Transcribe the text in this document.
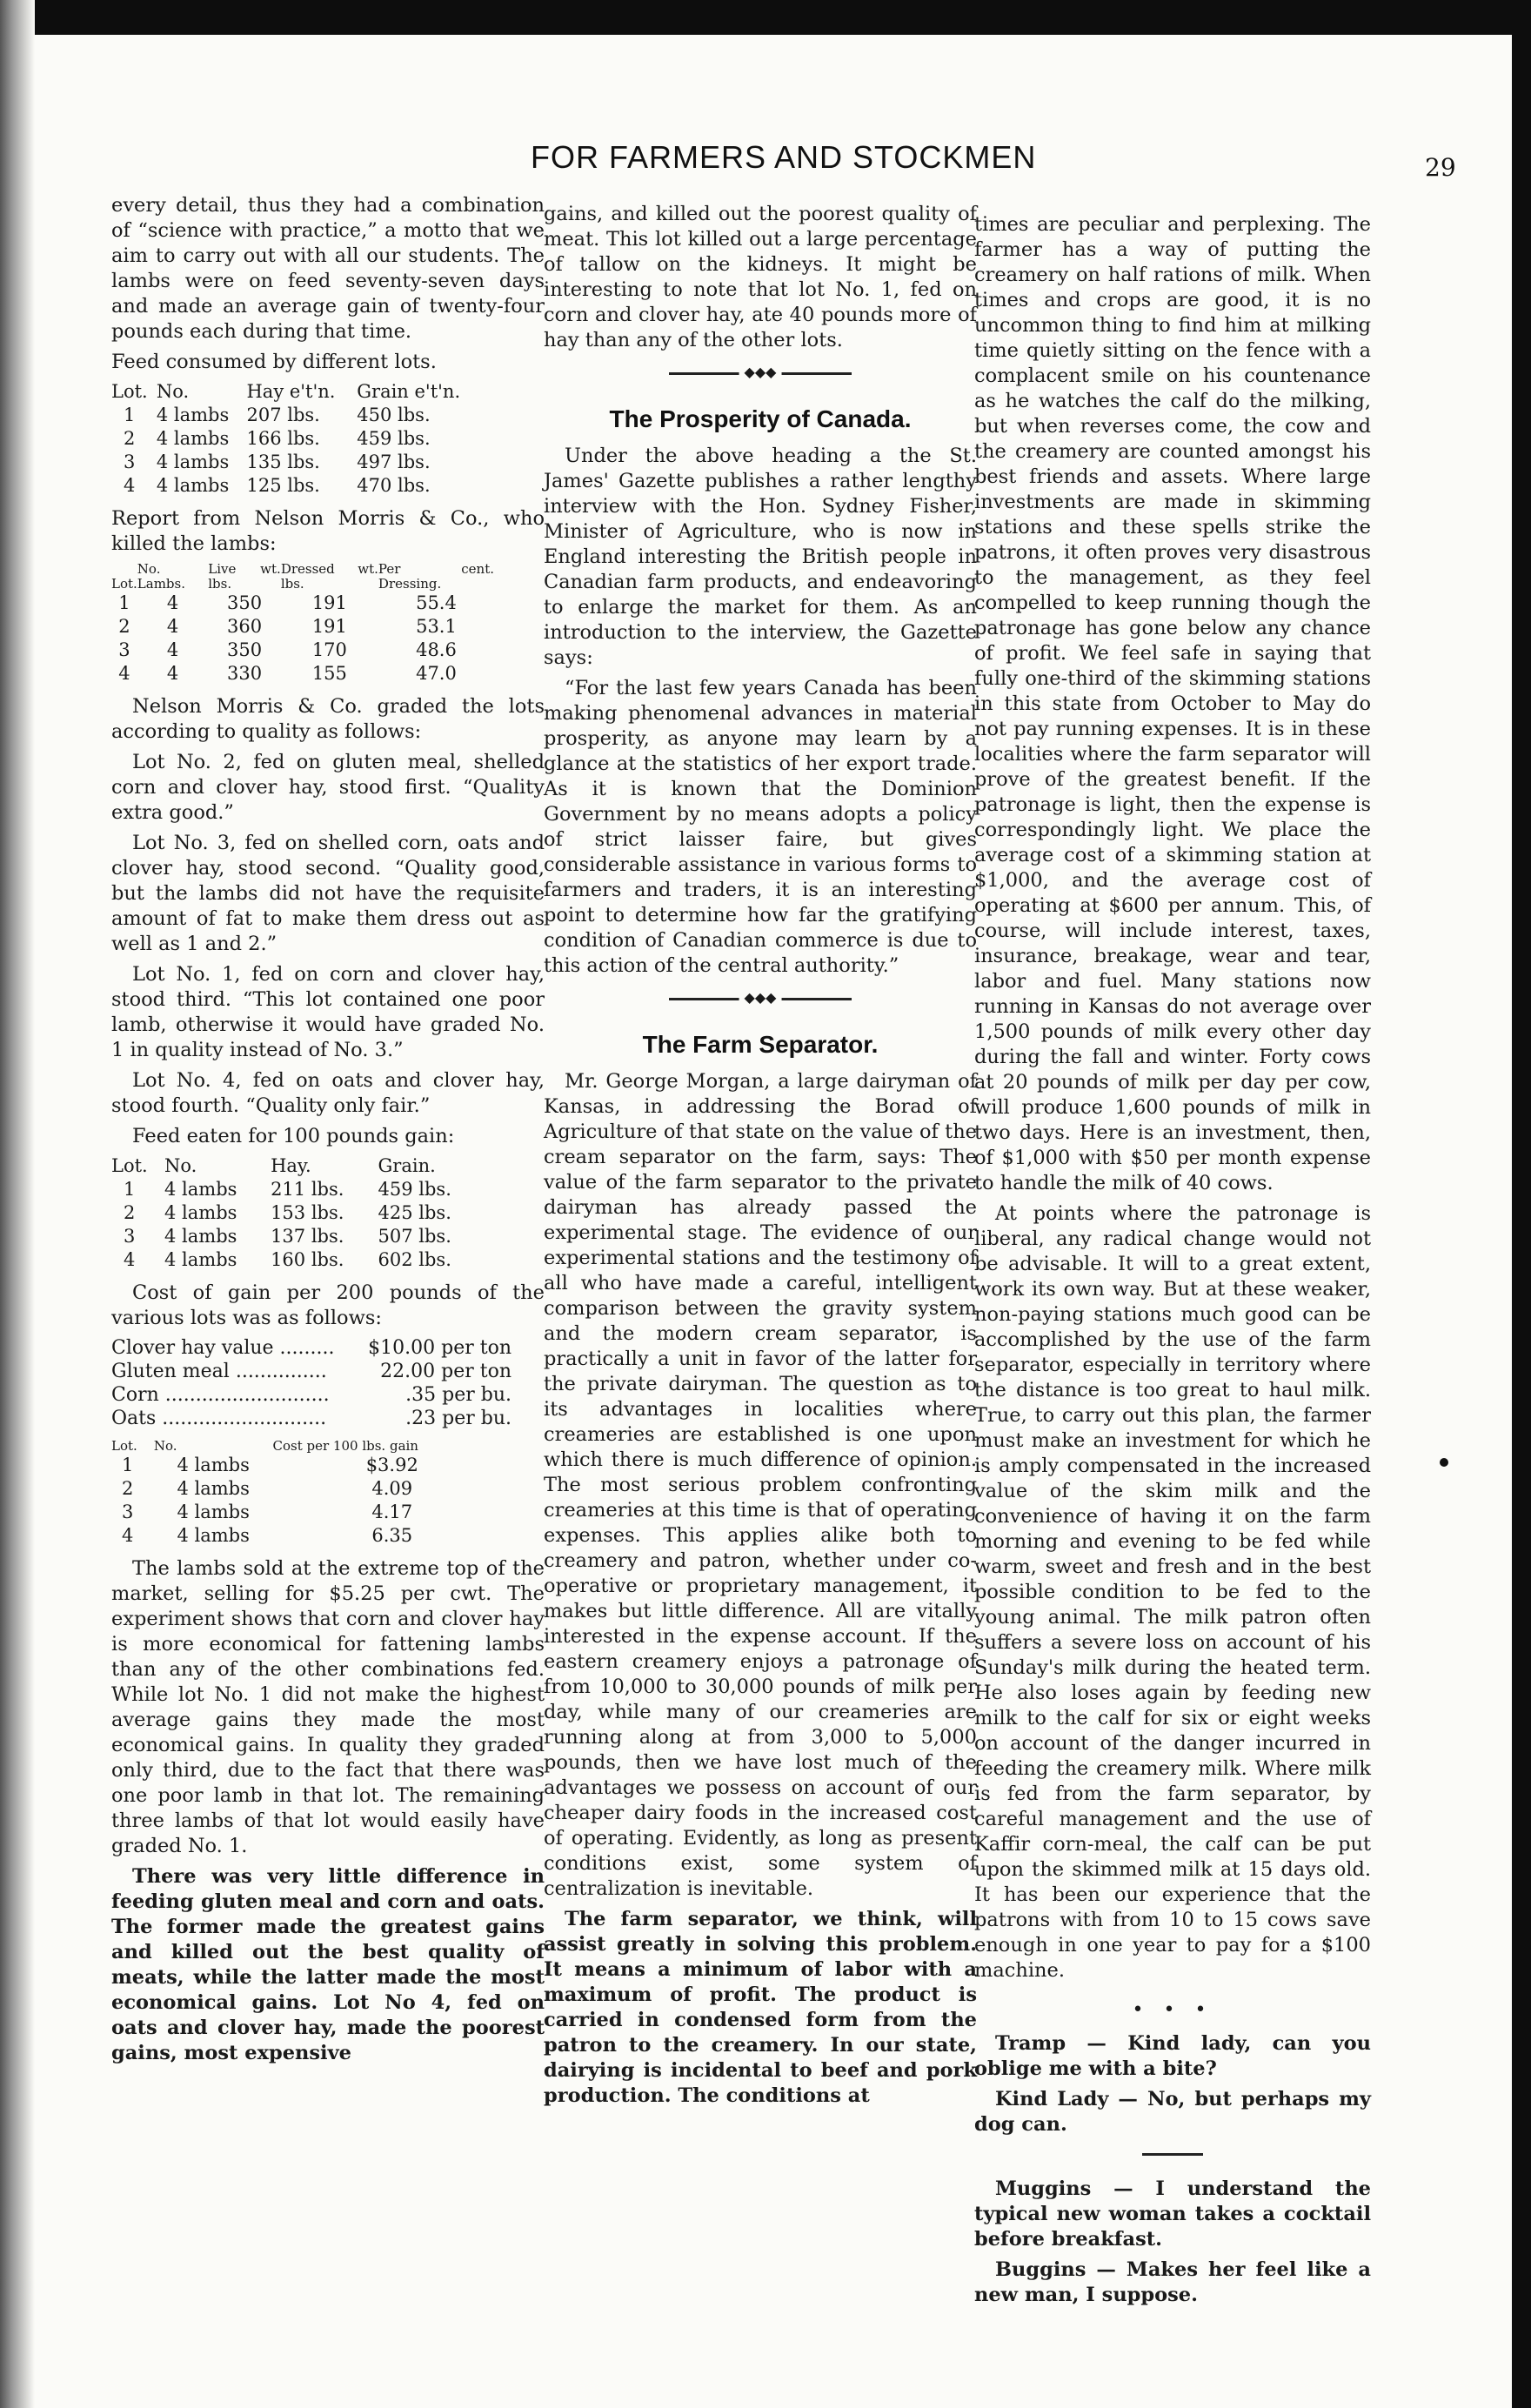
FOR FARMERS AND STOCKMEN	29

every detail, thus they had a combination of “science with practice,” a motto that we aim to carry out with all our students. The lambs were on feed seventy-seven days and made an average gain of twenty-four pounds each during that time.

Feed consumed by different lots.

Lot.	No.	Hay e't'n.	Grain e't'n.
1	4 lambs	207 lbs.	450 lbs.
2	4 lambs	166 lbs.	459 lbs.
3	4 lambs	135 lbs.	497 lbs.
4	4 lambs	125 lbs.	470 lbs.

Report from Nelson Morris & Co., who killed the lambs:

Lot.	No. Lambs.	Live wt. lbs.	Dressed wt. lbs.	Per cent. Dressing.
1	4	350	191	55.4
2	4	360	191	53.1
3	4	350	170	48.6
4	4	330	155	47.0

Nelson Morris & Co. graded the lots according to quality as follows:

Lot No. 2, fed on gluten meal, shelled corn and clover hay, stood first. “Quality extra good.”

Lot No. 3, fed on shelled corn, oats and clover hay, stood second. “Quality good, but the lambs did not have the requisite amount of fat to make them dress out as well as 1 and 2.”

Lot No. 1, fed on corn and clover hay, stood third. “This lot contained one poor lamb, otherwise it would have graded No. 1 in quality instead of No. 3.”

Lot No. 4, fed on oats and clover hay, stood fourth. “Quality only fair.”

Feed eaten for 100 pounds gain:

Lot.	No.	Hay.	Grain.
1	4 lambs	211 lbs.	459 lbs.
2	4 lambs	153 lbs.	425 lbs.
3	4 lambs	137 lbs.	507 lbs.
4	4 lambs	160 lbs.	602 lbs.

Cost of gain per 200 pounds of the various lots was as follows:

Clover hay value .........	$10.00 per ton
Gluten meal ...............	22.00 per ton
Corn ...........................	.35 per bu.
Oats ...........................	.23 per bu.
Lot.	No.	Cost per 100 lbs. gain
1	4 lambs	$3.92
2	4 lambs	4.09
3	4 lambs	4.17
4	4 lambs	6.35

The lambs sold at the extreme top of the market, selling for $5.25 per cwt. The experiment shows that corn and clover hay is more economical for fattening lambs than any of the other combinations fed. While lot No. 1 did not make the highest average gains they made the most economical gains. In quality they graded only third, due to the fact that there was one poor lamb in that lot. The remaining three lambs of that lot would easily have graded No. 1.

There was very little difference in feeding gluten meal and corn and oats. The former made the greatest gains and killed out the best quality of meats, while the latter made the most economical gains. Lot No 4, fed on oats and clover hay, made the poorest gains, most expensive

gains, and killed out the poorest quality of meat. This lot killed out a large percentage of tallow on the kidneys. It might be interesting to note that lot No. 1, fed on corn and clover hay, ate 40 pounds more of hay than any of the other lots.

◆◆◆
The Prosperity of Canada.

Under the above heading a the St. James' Gazette publishes a rather lengthy interview with the Hon. Sydney Fisher, Minister of Agriculture, who is now in England interesting the British people in Canadian farm products, and endeavoring to enlarge the market for them. As an introduction to the interview, the Gazette says:

“For the last few years Canada has been making phenomenal advances in material prosperity, as anyone may learn by a glance at the statistics of her export trade. As it is known that the Dominion Government by no means adopts a policy of strict laisser faire, but gives considerable assistance in various forms to farmers and traders, it is an interesting point to determine how far the gratifying condition of Canadian commerce is due to this action of the central authority.”

◆◆◆
The Farm Separator.

Mr. George Morgan, a large dairyman of Kansas, in addressing the Borad of Agriculture of that state on the value of the cream separator on the farm, says: The value of the farm separator to the private dairyman has already passed the experimental stage. The evidence of our experimental stations and the testimony of all who have made a careful, intelligent comparison between the gravity system and the modern cream separator, is practically a unit in favor of the latter for the private dairyman. The question as to its advantages in localities where creameries are established is one upon which there is much difference of opinion. The most serious problem confronting creameries at this time is that of operating expenses. This applies alike both to creamery and patron, whether under co-operative or proprietary management, it makes but little difference. All are vitally interested in the expense account. If the eastern creamery enjoys a patronage of from 10,000 to 30,000 pounds of milk per day, while many of our creameries are running along at from 3,000 to 5,000 pounds, then we have lost much of the advantages we possess on account of our cheaper dairy foods in the increased cost of operating. Evidently, as long as present conditions exist, some system of centralization is inevitable.

The farm separator, we think, will assist greatly in solving this problem. It means a minimum of labor with a maximum of profit. The product is carried in condensed form from the patron to the creamery. In our state, dairying is incidental to beef and pork production. The conditions at

times are peculiar and perplexing. The farmer has a way of putting the creamery on half rations of milk. When times and crops are good, it is no uncommon thing to find him at milking time quietly sitting on the fence with a complacent smile on his countenance as he watches the calf do the milking, but when reverses come, the cow and the creamery are counted amongst his best friends and assets. Where large investments are made in skimming stations and these spells strike the patrons, it often proves very disastrous to the management, as they feel compelled to keep running though the patronage has gone below any chance of profit. We feel safe in saying that fully one-third of the skimming stations in this state from October to May do not pay running expenses. It is in these localities where the farm separator will prove of the greatest benefit. If the patronage is light, then the expense is correspondingly light. We place the average cost of a skimming station at $1,000, and the average cost of operating at $600 per annum. This, of course, will include interest, taxes, insurance, breakage, wear and tear, labor and fuel. Many stations now running in Kansas do not average over 1,500 pounds of milk every other day during the fall and winter. Forty cows at 20 pounds of milk per day per cow, will produce 1,600 pounds of milk in two days. Here is an investment, then, of $1,000 with $50 per month expense to handle the milk of 40 cows.

At points where the patronage is liberal, any radical change would not be advisable. It will to a great extent, work its own way. But at these weaker, non-paying stations much good can be accomplished by the use of the farm separator, especially in territory where the distance is too great to haul milk. True, to carry out this plan, the farmer must make an investment for which he is amply compensated in the increased value of the skim milk and the convenience of having it on the farm morning and evening to be fed while warm, sweet and fresh and in the best possible condition to be fed to the young animal. The milk patron often suffers a severe loss on account of his Sunday's milk during the heated term. He also loses again by feeding new milk to the calf for six or eight weeks on account of the danger incurred in feeding the creamery milk. Where milk is fed from the farm separator, by careful management and the use of Kaffir corn-meal, the calf can be put upon the skimmed milk at 15 days old. It has been our experience that the patrons with from 10 to 15 cows save enough in one year to pay for a $100 machine.

• • •

Tramp — Kind lady, can you oblige me with a bite?

Kind Lady — No, but perhaps my dog can.

Muggins — I understand the typical new woman takes a cocktail before breakfast.

Buggins — Makes her feel like a new man, I suppose.
